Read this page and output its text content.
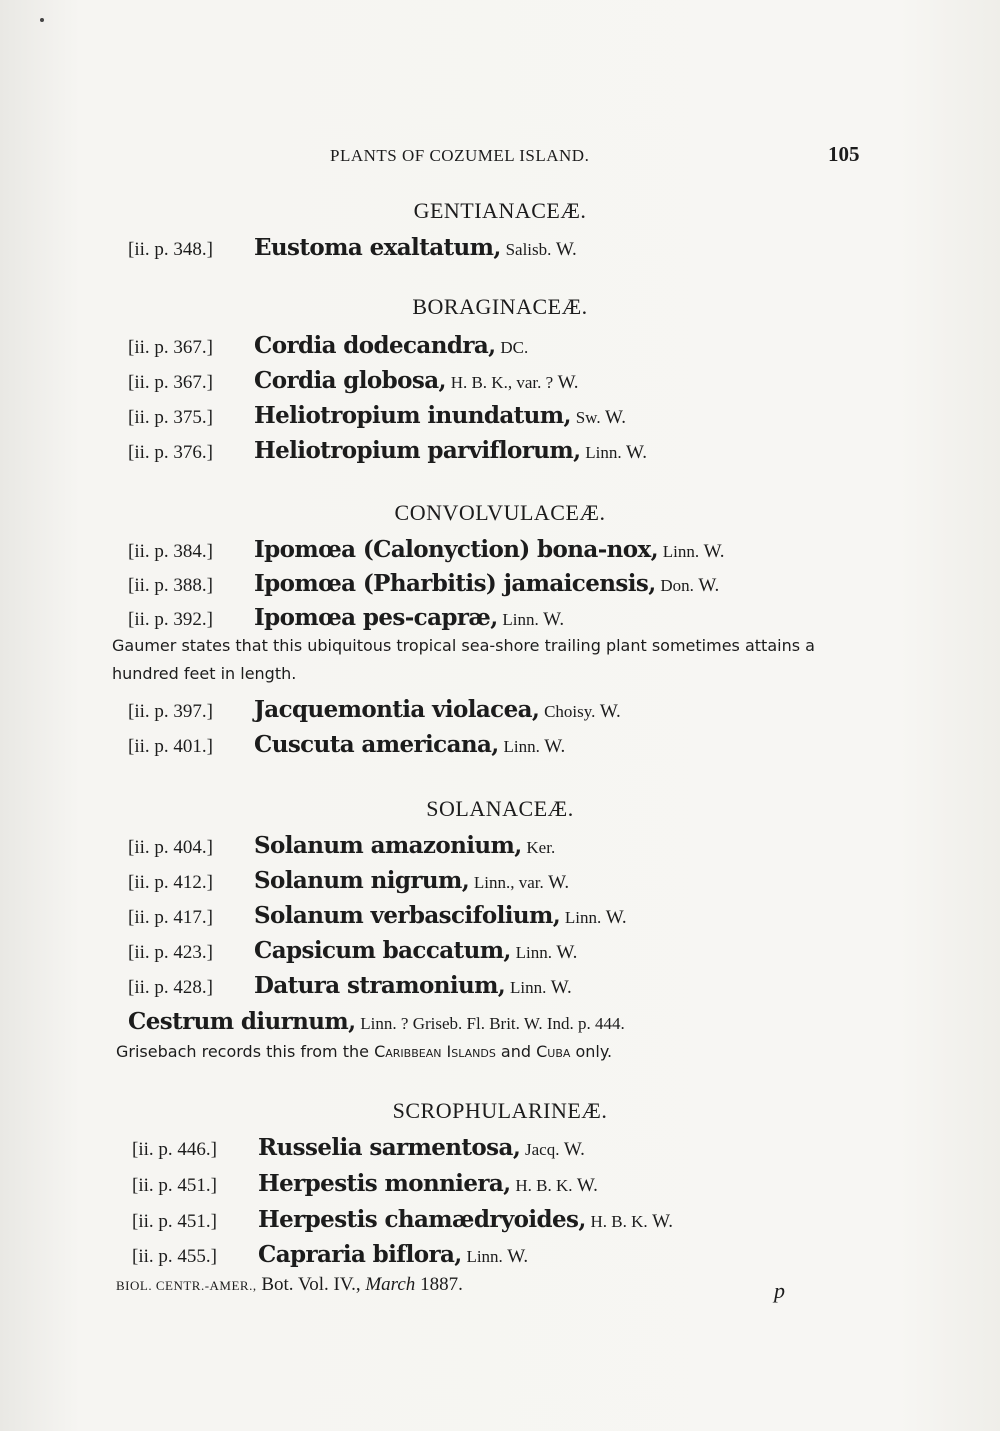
PLANTS OF COZUMEL ISLAND.	105
GENTIANACEÆ.
[ii. p. 348.] Eustoma exaltatum, Salisb. W.
BORAGINACEÆ.
[ii. p. 367.] Cordia dodecandra, DC.
[ii. p. 367.] Cordia globosa, H. B. K., var. ? W.
[ii. p. 375.] Heliotropium inundatum, Sw. W.
[ii. p. 376.] Heliotropium parviflorum, Linn. W.
CONVOLVULACEÆ.
[ii. p. 384.] Ipomœa (Calonyction) bona-nox, Linn. W.
[ii. p. 388.] Ipomœa (Pharbitis) jamaicensis, Don. W.
[ii. p. 392.] Ipomœa pes-capræ, Linn. W.
Gaumer states that this ubiquitous tropical sea-shore trailing plant sometimes attains a hundred feet in length.
[ii. p. 397.] Jacquemontia violacea, Choisy. W.
[ii. p. 401.] Cuscuta americana, Linn. W.
SOLANACEÆ.
[ii. p. 404.] Solanum amazonium, Ker.
[ii. p. 412.] Solanum nigrum, Linn., var. W.
[ii. p. 417.] Solanum verbascifolium, Linn. W.
[ii. p. 423.] Capsicum baccatum, Linn. W.
[ii. p. 428.] Datura stramonium, Linn. W.
Cestrum diurnum, Linn. ? Griseb. Fl. Brit. W. Ind. p. 444.
Grisebach records this from the Caribbean Islands and Cuba only.
SCROPHULARINEÆ.
[ii. p. 446.] Russelia sarmentosa, Jacq. W.
[ii. p. 451.] Herpestis monniera, H. B. K. W.
[ii. p. 451.] Herpestis chamædryoides, H. B. K. W.
[ii. p. 455.] Capraria biflora, Linn. W.
BIOL. CENTR.-AMER., Bot. Vol. IV., March 1887.	p
